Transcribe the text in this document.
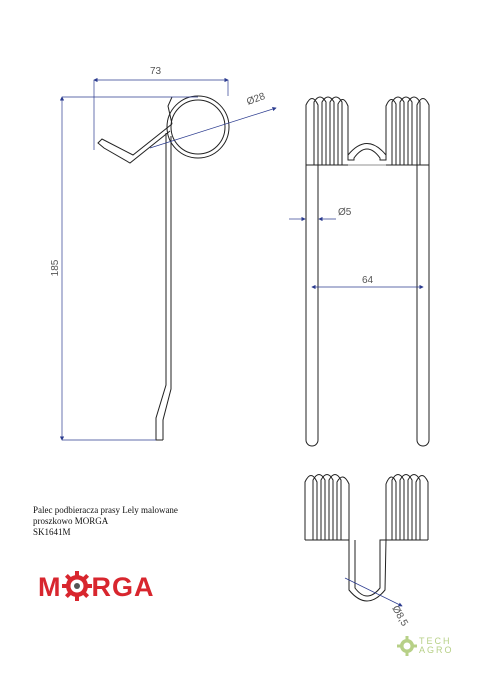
73
Ø28
185
Ø5
64
Ø8,5
Palec podbieracza prasy Lely malowane
proszkowo MORGA
SK1641M
M RGA
TECH
AGRO
